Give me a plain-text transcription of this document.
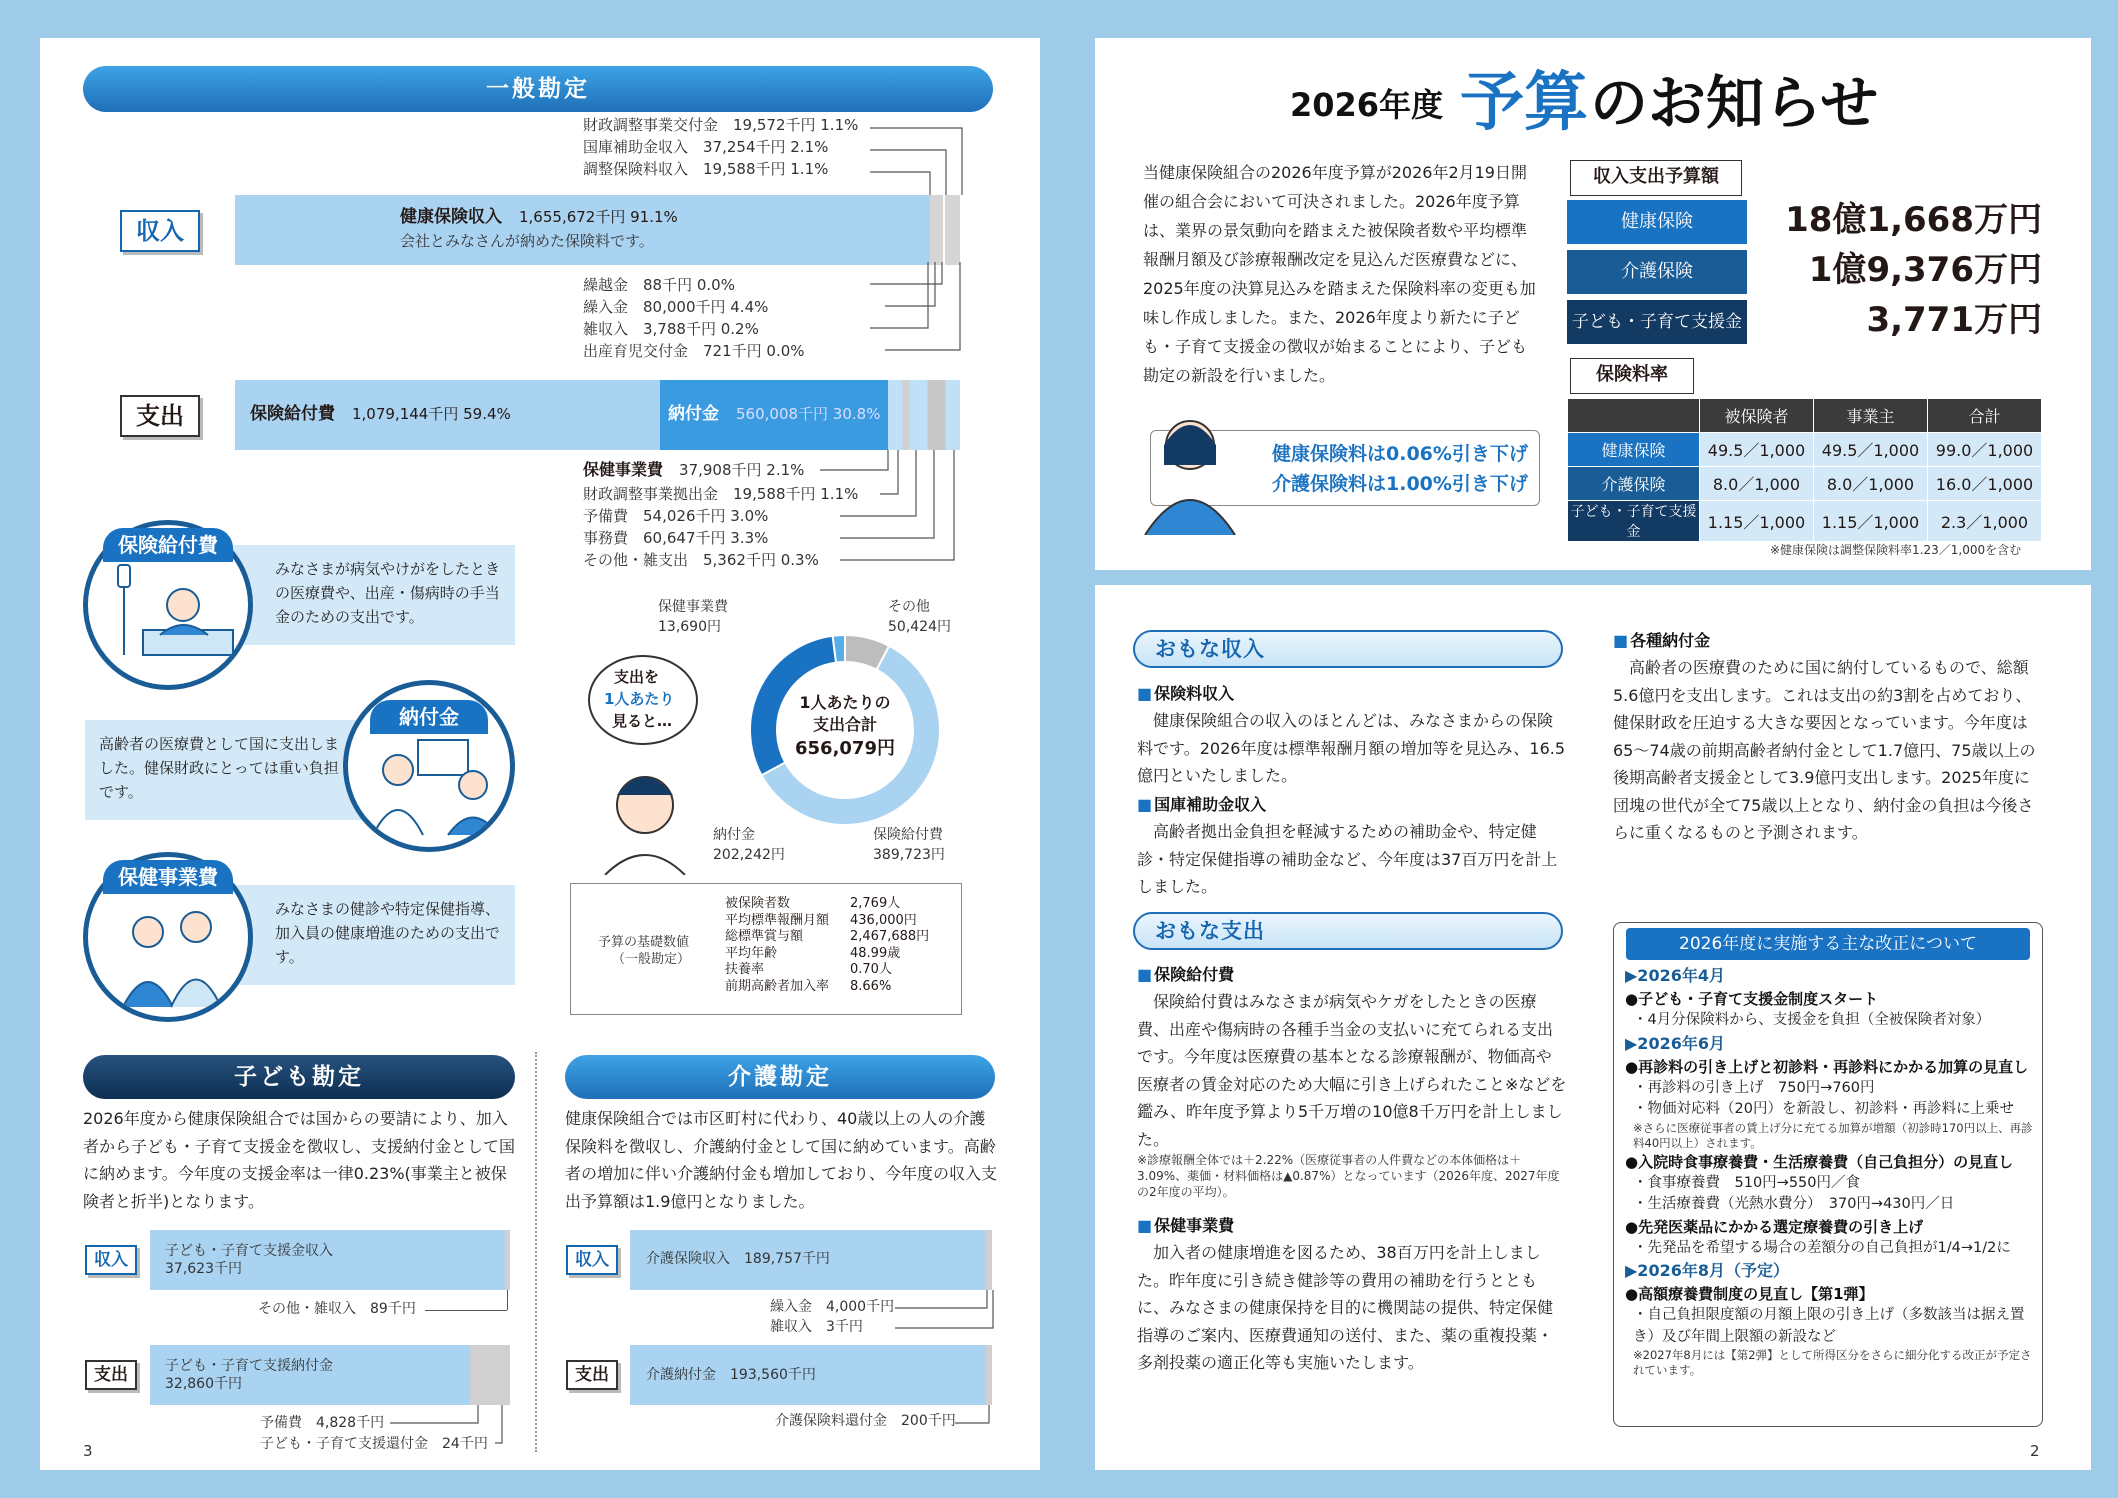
一般勘定
財政調整事業交付金　19,572千円 1.1%
国庫補助金収入　37,254千円 2.1%
調整保険料収入　19,588千円 1.1%
収入	健康保険収入　 1,655,672千円 91.1%
会社とみなさんが納めた保険料です。
繰越金　88千円 0.0%
繰入金　80,000千円 4.4%
雑収入　3,788千円 0.2%
出産育児交付金　721千円 0.0%
支出	保険給付費　 1,079,144千円 59.4%	納付金　 560,008千円 30.8%
保健事業費　 37,908千円 2.1%
財政調整事業拠出金　19,588千円 1.1%
予備費　54,026千円 3.0%
事務費　60,647千円 3.3%
その他・雑支出　5,362千円 0.3%
みなさまが病気やけがをしたときの医療費や、出産・傷病時の手当金のための支出です。
保険給付費
高齢者の医療費として国に支出しました。健保財政にとっては重い負担です。
納付金
みなさまの健診や特定保健指導、加入員の健康増進のための支出です。
保健事業費
支出を
1人あたり
見ると…
1人あたりの
支出合計
656,079円
保健事業費
13,690円
その他
50,424円
納付金
202,242円
保険給付費
389,723円
予算の基礎数値
（一般勘定）
被保険者数	2,769人
平均標準報酬月額	436,000円
総標準賞与額	2,467,688円
平均年齢	48.99歳
扶養率	0.70人
前期高齢者加入率	8.66%
子ども勘定
2026年度から健康保険組合では国からの要請により、加入者から子ども・子育て支援金を徴収し、支援納付金として国に納めます。今年度の支援金率は一律0.23%(事業主と被保険者と折半)となります。
収入	子ども・子育て支援金収入
37,623千円
その他・雑収入　89千円
支出	子ども・子育て支援納付金
32,860千円
予備費　4,828千円
子ども・子育て支援還付金　24千円
3
介護勘定
健康保険組合では市区町村に代わり、40歳以上の人の介護保険料を徴収し、介護納付金として国に納めています。高齢者の増加に伴い介護納付金も増加しており、今年度の収入支出予算額は1.9億円となりました。
収入	介護保険収入　189,757千円
繰入金　4,000千円
雑収入　3千円
支出	介護納付金　193,560千円
介護保険料還付金　200千円
2026年度 予算 のお知らせ
当健康保険組合の2026年度予算が2026年2月19日開催の組合会において可決されました。2026年度予算は、業界の景気動向を踏まえた被保険者数や平均標準報酬月額及び診療報酬改定を見込んだ医療費などに、2025年度の決算見込みを踏まえた保険料率の変更も加味し作成しました。また、2026年度より新たに子ども・子育て支援金の徴収が始まることにより、子ども勘定の新設を行いました。
収入支出予算額
健康保険	18億1,668万円
介護保険	1億9,376万円
子ども・子育て支援金	3,771万円
保険料率
	被保険者	事業主	合計
健康保険	49.5／1,000	49.5／1,000	99.0／1,000
介護保険	8.0／1,000	8.0／1,000	16.0／1,000
子ども・子育て支援金	1.15／1,000	1.15／1,000	2.3／1,000
※健康保険は調整保険料率1.23／1,000を含む
健康保険料は0.06%引き下げ
介護保険料は1.00%引き下げ
おもな収入
■ 保険料収入
健康保険組合の収入のほとんどは、みなさまからの保険料です。2026年度は標準報酬月額の増加等を見込み、16.5億円といたしました。
■ 国庫補助金収入
高齢者拠出金負担を軽減するための補助金や、特定健診・特定保健指導の補助金など、今年度は37百万円を計上しました。
おもな支出
■ 保険給付費
保険給付費はみなさまが病気やケガをしたときの医療費、出産や傷病時の各種手当金の支払いに充てられる支出です。今年度は医療費の基本となる診療報酬が、物価高や医療者の賃金対応のため大幅に引き上げられたこと※などを鑑み、昨年度予算より5千万増の10億8千万円を計上しました。
※診療報酬全体では＋2.22%（医療従事者の人件費などの本体価格は＋3.09%、薬価・材料価格は▲0.87%）となっています（2026年度、2027年度の2年度の平均）。
■ 保健事業費
加入者の健康増進を図るため、38百万円を計上しました。昨年度に引き続き健診等の費用の補助を行うとともに、みなさまの健康保持を目的に機関誌の提供、特定保健指導のご案内、医療費通知の送付、また、薬の重複投薬・多剤投薬の適正化等も実施いたします。
■ 各種納付金
高齢者の医療費のために国に納付しているもので、総額5.6億円を支出します。これは支出の約3割を占めており、健保財政を圧迫する大きな要因となっています。今年度は65～74歳の前期高齢者納付金として1.7億円、75歳以上の後期高齢者支援金として3.9億円支出します。2025年度に団塊の世代が全て75歳以上となり、納付金の負担は今後さらに重くなるものと予測されます。
2026年度に実施する主な改正について
▶2026年4月
●子ども・子育て支援金制度スタート
・4月分保険料から、支援金を負担（全被保険者対象）
▶2026年6月
●再診料の引き上げと初診料・再診料にかかる加算の見直し
・再診料の引き上げ　750円→760円
・物価対応料（20円）を新設し、初診料・再診料に上乗せ
※さらに医療従事者の賃上げ分に充てる加算が増額（初診時170円以上、再診料40円以上）されます。
●入院時食事療養費・生活療養費（自己負担分）の見直し
・食事療養費　510円→550円／食
・生活療養費（光熱水費分）　370円→430円／日
●先発医薬品にかかる選定療養費の引き上げ
・先発品を希望する場合の差額分の自己負担が1/4→1/2に
▶2026年8月（予定）
●高額療養費制度の見直し【第1弾】
・自己負担限度額の月額上限の引き上げ（多数該当は据え置き）及び年間上限額の新設など
※2027年8月には【第2弾】として所得区分をさらに細分化する改正が予定されています。
2
